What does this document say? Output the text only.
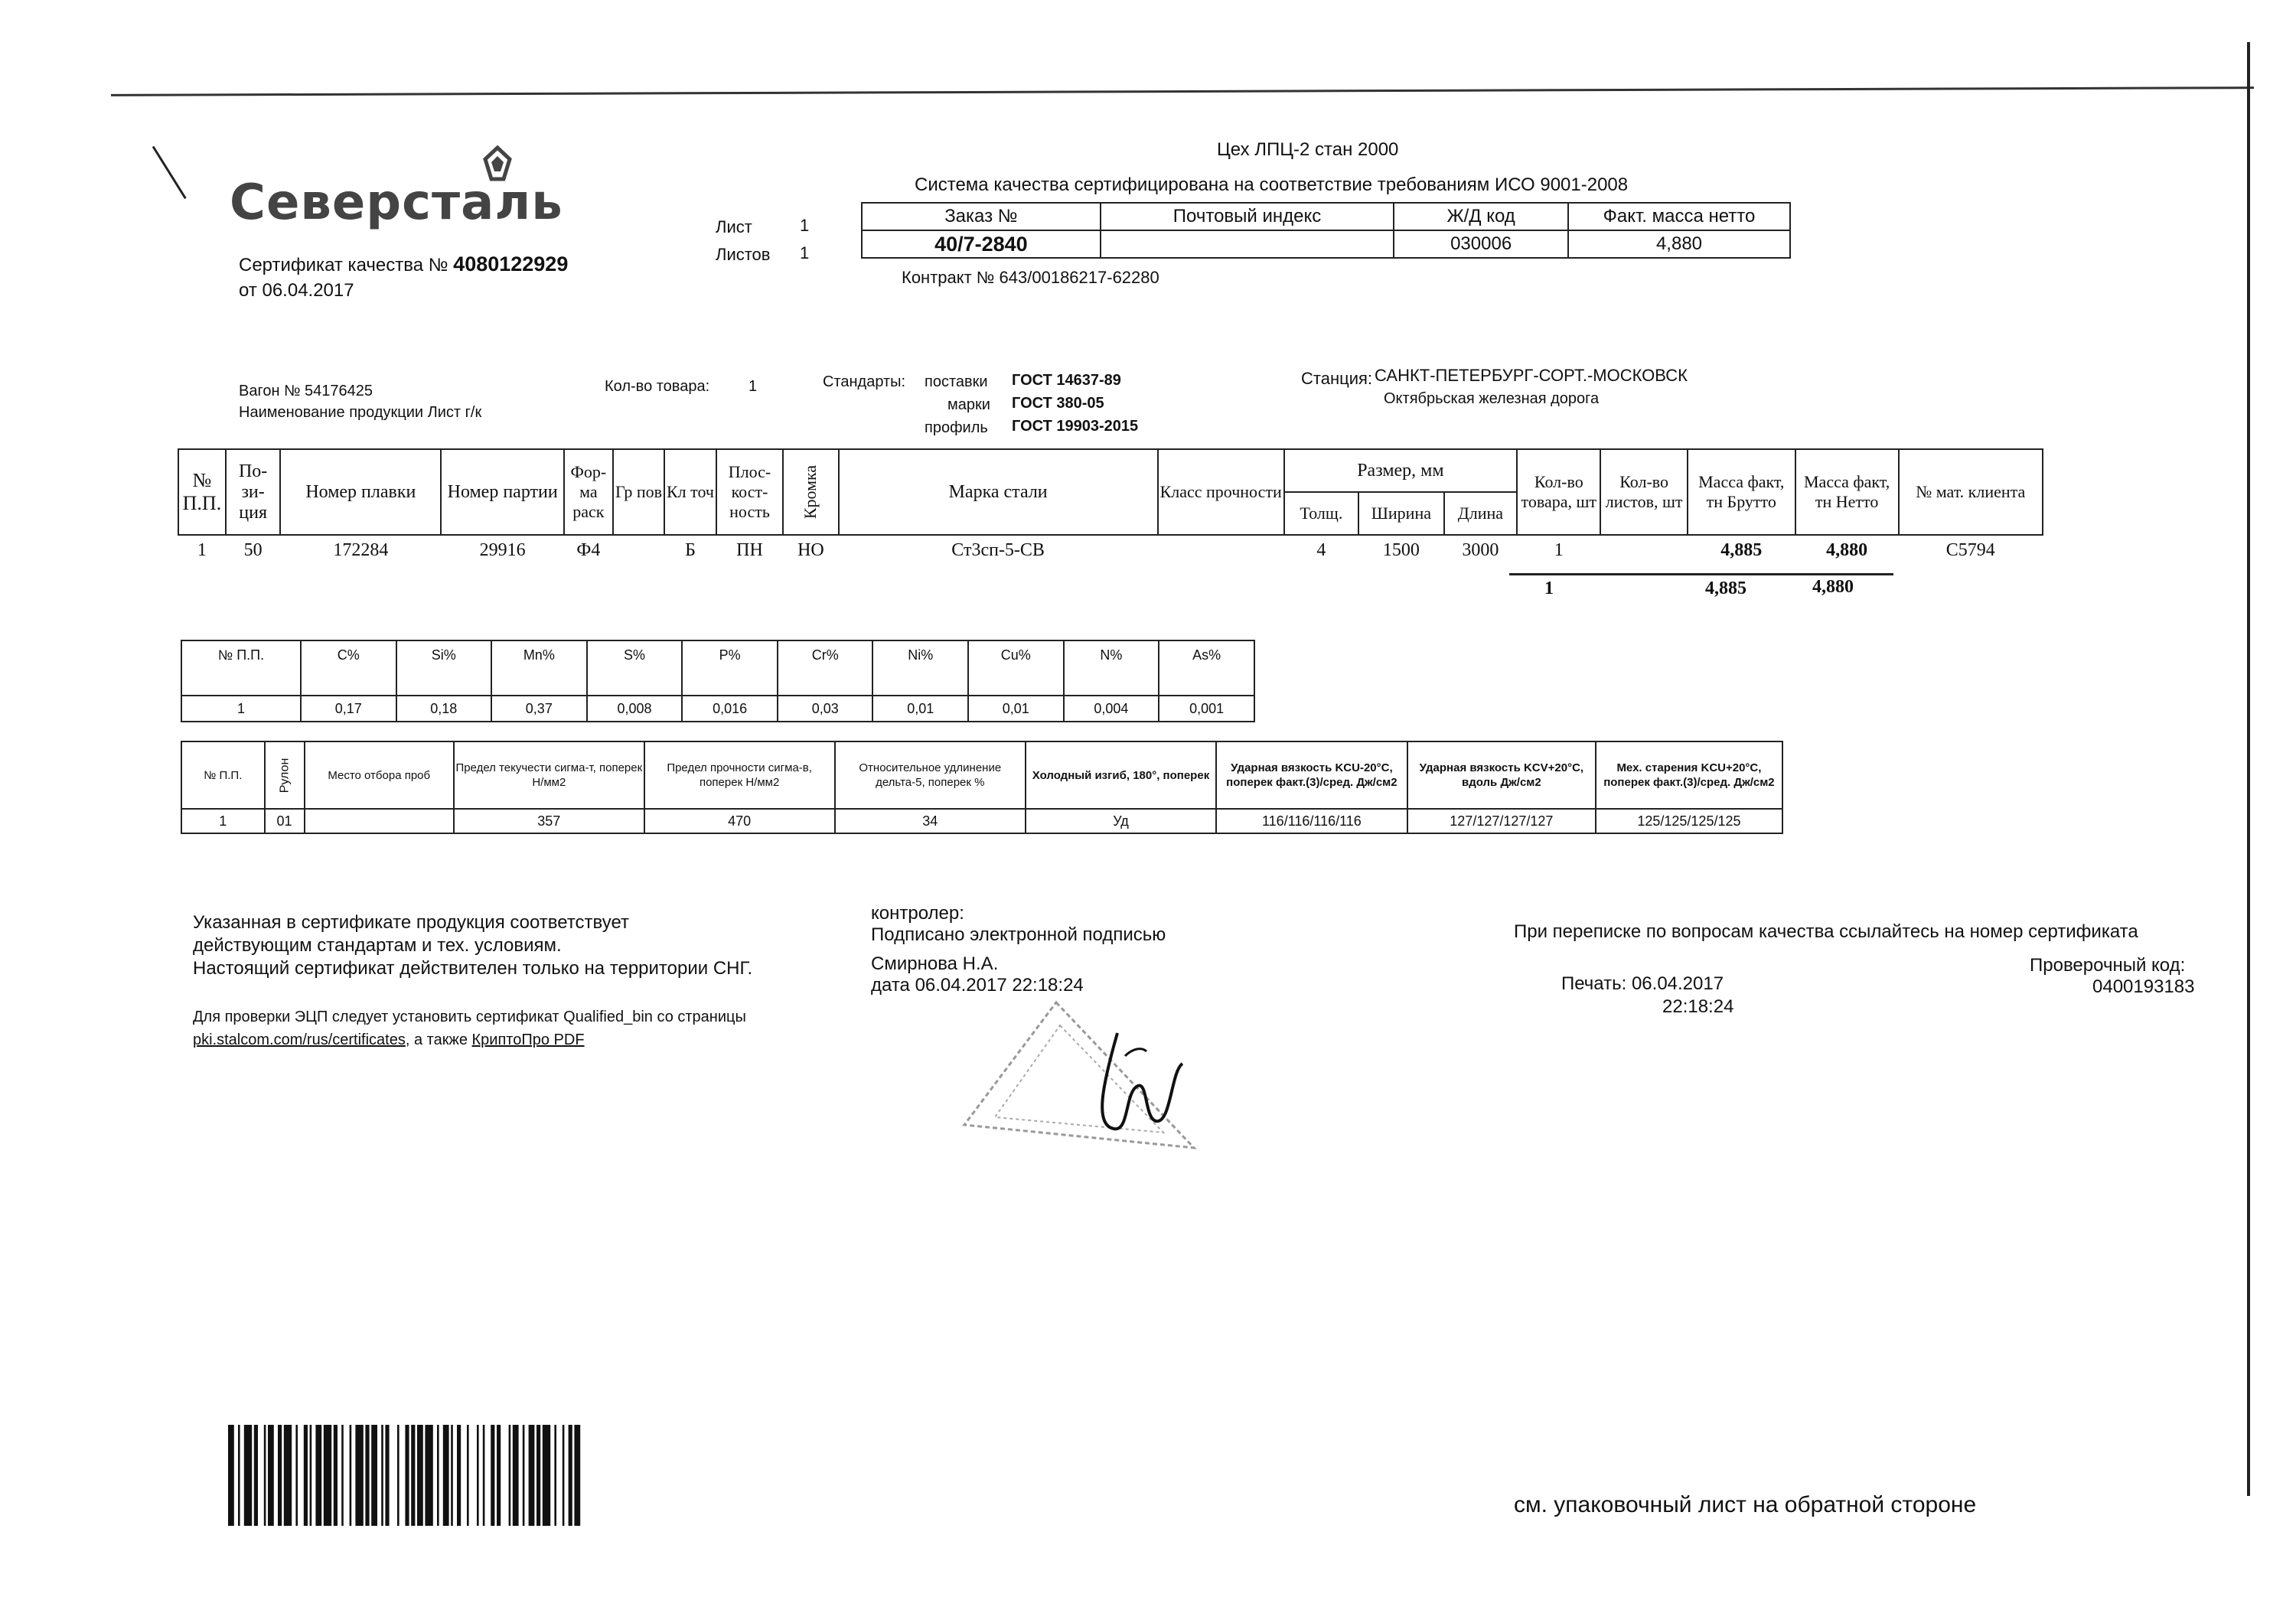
Северсталь
Цех ЛПЦ-2 стан 2000
Система качества сертифицирована на соответствие требованиям ИСО 9001-2008
Сертификат качества № 4080122929
от 06.04.2017
Лист	1
Листов 1
Заказ №	Почтовый индекс	Ж/Д код	Факт. масса нетто
40/7-2840		030006	4,880
Контракт № 643/00186217-62280
Вагон № 54176425
Наименование продукции Лист г/к
Кол-во товара:	1	Стандарты: поставки ГОСТ 14637-89
марки ГОСТ 380-05
профиль ГОСТ 19903-2015
Станция: САНКТ-ПЕТЕРБУРГ-СОРТ.-МОСКОВСК
Октябрьская железная дорога
№ П.П.	По- зи- ция	Номер плавки	Номер партии	Фор- ма раск	Гр пов	Кл точ	Плос- кост- ность	Кромка	Марка стали	Класс прочности	Размер, мм			Кол-во товара, шт	Кол-во листов, шт	Масса факт, тн Брутто	Масса факт, тн Нетто	№ мат. клиента
											Толщ.	Ширина	Длина					
1	50	172284	29916	Ф4		Б	ПН	НО	Ст3сп-5-СВ		4	1500	3000	1		4,885	4,880	С5794
1	4,885	4,880
№ П.П.	C%	Si%	Mn%	S%	P%	Cr%	Ni%	Cu%	N%	As%
1	0,17	0,18	0,37	0,008	0,016	0,03	0,01	0,01	0,004	0,001
№ П.П.	Рулон	Место отбора проб	Предел текучести сигма-т, поперек Н/мм2	Предел прочности сигма-в, поперек Н/мм2	Относительное удлинение дельта-5, поперек %	Холодный изгиб, 180°, поперек	Ударная вязкость KCU-20°C, поперек факт.(3)/сред. Дж/см2	Ударная вязкость KCV+20°C, вдоль Дж/см2	Мех. старения KCU+20°C, поперек факт.(3)/сред. Дж/см2
1	01		357	470	34	Уд	116/116/116/116	127/127/127/127	125/125/125/125
Указанная в сертификате продукция соответствует
действующим стандартам и тех. условиям.
Настоящий сертификат действителен только на территории СНГ.
Для проверки ЭЦП следует установить сертификат Qualified_bin со страницы
pki.stalcom.com/rus/certificates, а также КриптоПро PDF
контролер:
Подписано электронной подписью
Смирнова Н.А.
дата 06.04.2017 22:18:24
При переписке по вопросам качества ссылайтесь на номер сертификата
Проверочный код:
0400193183
Печать: 06.04.2017
22:18:24
см. упаковочный лист на обратной стороне
